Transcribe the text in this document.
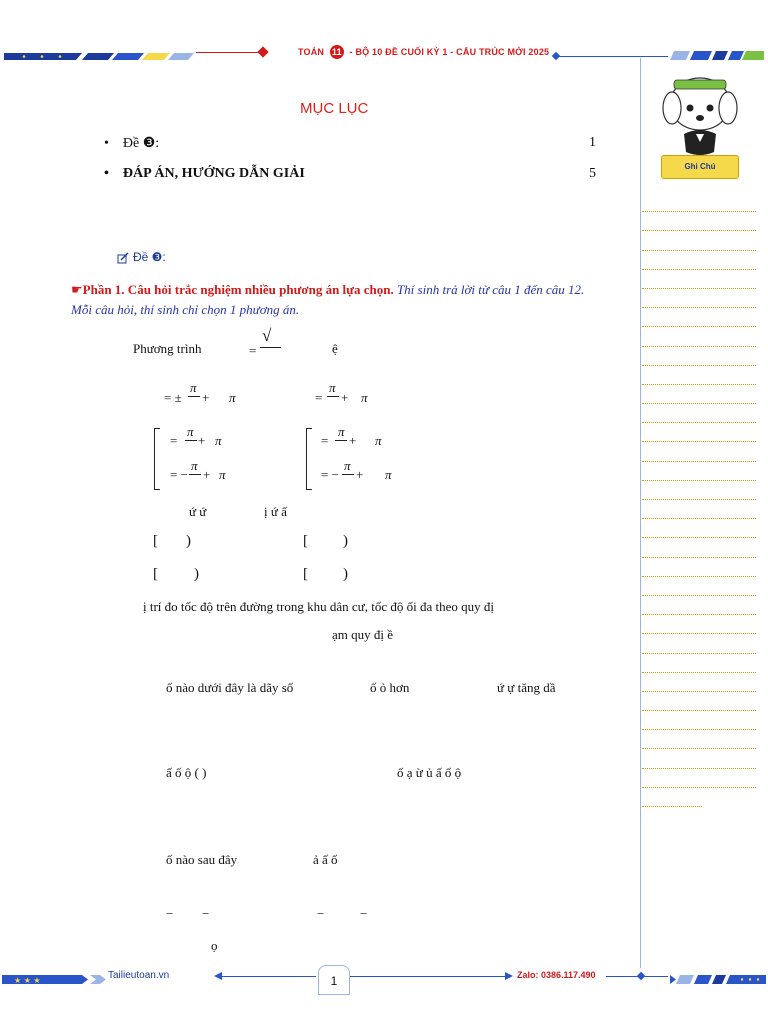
TOÁN 11 - BỘ 10 ĐỀ CUỐI KỲ 1 - CẤU TRÚC MỚI 2025
Ghi Chú
MỤC LỤC
• Đề ❸:	1
• ĐÁP ÁN, HƯỚNG DẪN GIẢI	5
Đề ❸:
☛Phần 1. Câu hỏi trắc nghiệm nhiều phương án lựa chọn. Thí sinh trả lời từ câu 1 đến câu 12. Mỗi câu hỏi, thí sinh chỉ chọn 1 phương án.
Phương trình	=
√
ệ
= ±
π
+ π	=
π
+ π
=
π
+ π
= −
π
+ π
=
π
+ π
= −
π
+ π
ứ ứ	ị ứ ấ
[ )	[ )
[ )	[ )
ị trí đo tốc độ trên đường trong khu dân cư, tốc độ ối đa theo quy đị
ạm quy đị ề
ố nào dưới đây là dãy số	ố ỏ hơn	ứ ự tăng dầ
ấ ố ộ ( )	ố ạ ừ ủ ấ ố ộ
ố nào sau đây	ả ấ ố
− −	−	−
ọ
★ ★ ★	Tailieutoan.vn	1	Zalo: 0386.117.490
